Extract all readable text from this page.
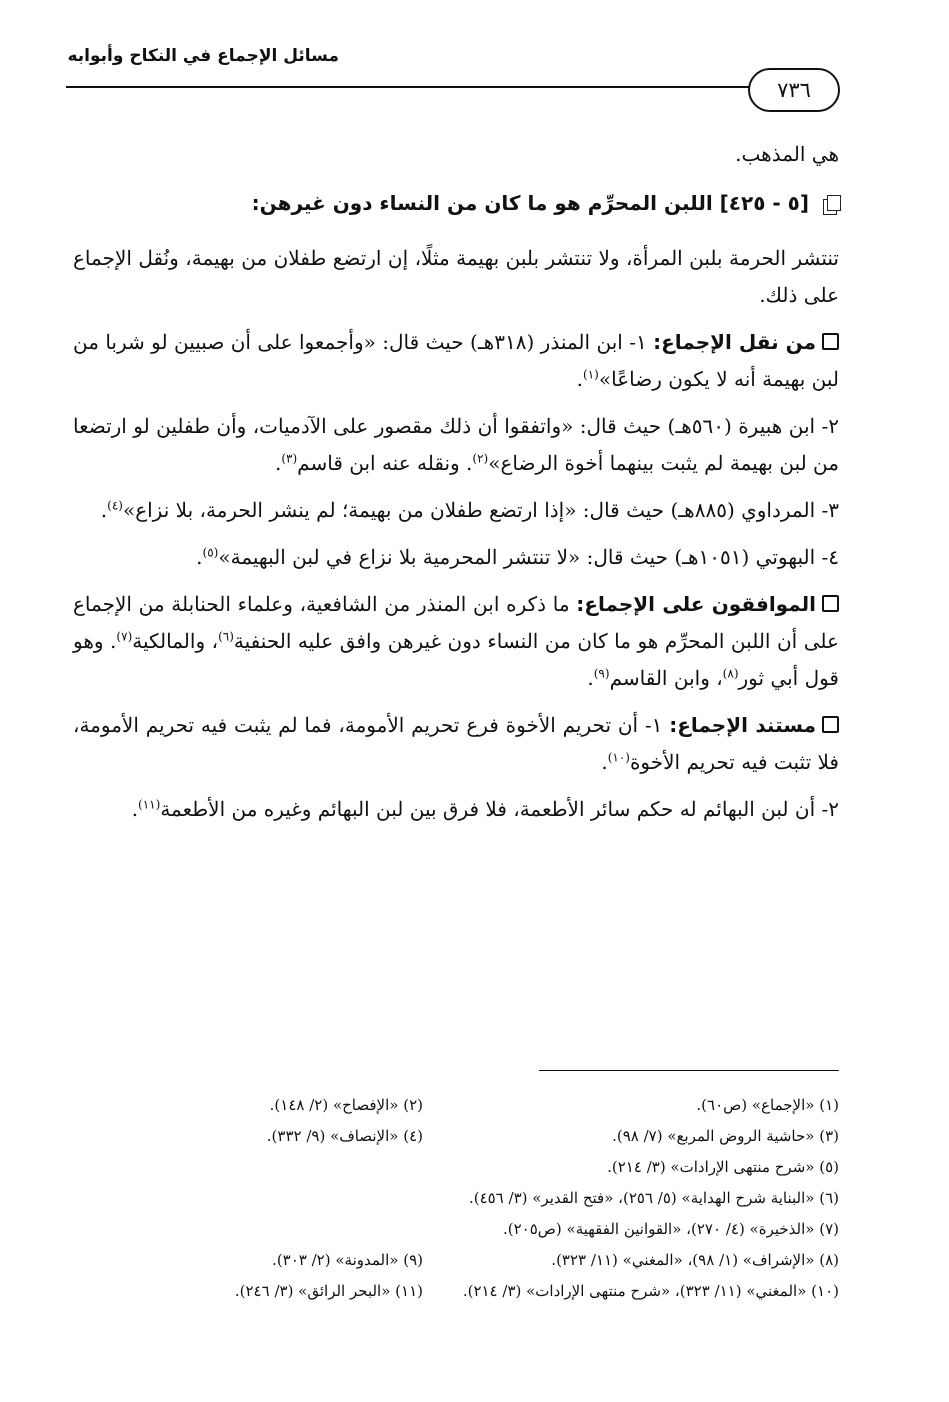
مسائل الإجماع في النكاح وأبوابه
٧٣٦

هي المذهب.

[٥ - ٤٢٥] اللبن المحرِّم هو ما كان من النساء دون غيرهن:

تنتشر الحرمة بلبن المرأة، ولا تنتشر بلبن بهيمة مثلًا، إن ارتضع طفلان من بهيمة، ونُقل الإجماع على ذلك.

من نقل الإجماع: ١- ابن المنذر (٣١٨هـ) حيث قال: «وأجمعوا على أن صبيين لو شربا من لبن بهيمة أنه لا يكون رضاعًا»$^{(١)}$.

٢- ابن هبيرة (٥٦٠هـ) حيث قال: «واتفقوا أن ذلك مقصور على الآدميات، وأن طفلين لو ارتضعا من لبن بهيمة لم يثبت بينهما أخوة الرضاع»$^{(٢)}$. ونقله عنه ابن قاسم$^{(٣)}$.

٣- المرداوي (٨٨٥هـ) حيث قال: «إذا ارتضع طفلان من بهيمة؛ لم ينشر الحرمة، بلا نزاع»$^{(٤)}$.

٤- البهوتي (١٠٥١هـ) حيث قال: «لا تنتشر المحرمية بلا نزاع في لبن البهيمة»$^{(٥)}$.

الموافقون على الإجماع: ما ذكره ابن المنذر من الشافعية، وعلماء الحنابلة من الإجماع على أن اللبن المحرِّم هو ما كان من النساء دون غيرهن وافق عليه الحنفية$^{(٦)}$، والمالكية$^{(٧)}$. وهو قول أبي ثور$^{(٨)}$، وابن القاسم$^{(٩)}$.

مستند الإجماع: ١- أن تحريم الأخوة فرع تحريم الأمومة، فما لم يثبت فيه تحريم الأمومة، فلا تثبت فيه تحريم الأخوة$^{(١٠)}$.

٢- أن لبن البهائم له حكم سائر الأطعمة، فلا فرق بين لبن البهائم وغيره من الأطعمة$^{(١١)}$.

(١) «الإجماع» (ص٦٠).
(٢) «الإفصاح» (٢/ ١٤٨).
(٣) «حاشية الروض المربع» (٧/ ٩٨).
(٤) «الإنصاف» (٩/ ٣٣٢).
(٥) «شرح منتهى الإرادات» (٣/ ٢١٤).
(٦) «البناية شرح الهداية» (٥/ ٢٥٦)، «فتح القدير» (٣/ ٤٥٦).
(٧) «الذخيرة» (٤/ ٢٧٠)، «القوانين الفقهية» (ص٢٠٥).
(٨) «الإشراف» (١/ ٩٨)، «المغني» (١١/ ٣٢٣).
(٩) «المدونة» (٢/ ٣٠٣).
(١٠) «المغني» (١١/ ٣٢٣)، «شرح منتهى الإرادات» (٣/ ٢١٤).
(١١) «البحر الرائق» (٣/ ٢٤٦).
